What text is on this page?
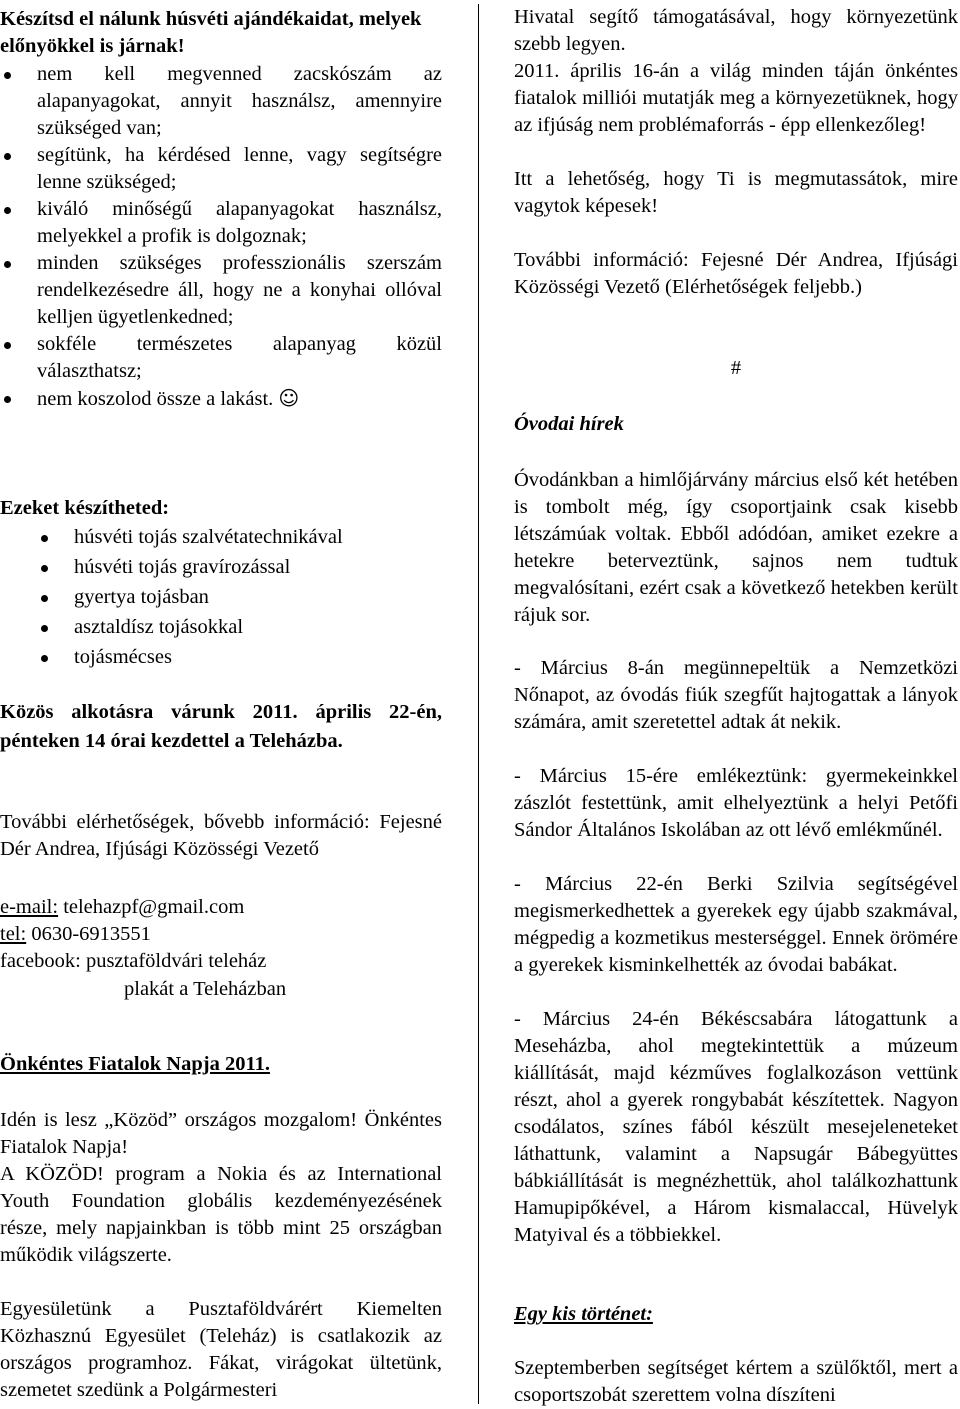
Készítsd el nálunk húsvéti ajándékaidat, melyek előnyökkel is járnak!

nem kell megvenned zacskószám az alapanyagokat, annyit használsz, amennyire szükséged van;
segítünk, ha kérdésed lenne, vagy segítségre lenne szükséged;
kiváló minőségű alapanyagokat használsz, melyekkel a profik is dolgoznak;
minden szükséges professzionális szerszám rendelkezésedre áll, hogy ne a konyhai ollóval kelljen ügyetlenkedned;
sokféle természetes alapanyag közül választhatsz;
nem koszolod össze a lakást. ☺

Ezeket készítheted:

húsvéti tojás szalvétatechnikával
húsvéti tojás gravírozással
gyertya tojásban
asztaldísz tojásokkal
tojásmécses

Közös alkotásra várunk 2011. április 22-én, pénteken 14 órai kezdettel a Teleházba.

További elérhetőségek, bővebb információ: Fejesné Dér Andrea, Ifjúsági Közösségi Vezető

e-mail: telehazpf@gmail.com

tel: 0630-6913551

facebook: pusztaföldvári teleház

plakát a Teleházban

Önkéntes Fiatalok Napja 2011.

Idén is lesz „Közöd” országos mozgalom! Önkéntes Fiatalok Napja!

A KÖZÖD! program a Nokia és az International Youth Foundation globális kezdeményezésének része, mely napjainkban is több mint 25 országban működik világszerte.

Egyesületünk a Pusztaföldvárért Kiemelten Közhasznú Egyesület (Teleház) is csatlakozik az országos programhoz. Fákat, virágokat ültetünk, szemetet szedünk a Polgármesteri

Hivatal segítő támogatásával, hogy környezetünk szebb legyen.

2011. április 16-án a világ minden táján önkéntes fiatalok milliói mutatják meg a környezetüknek, hogy az ifjúság nem problémaforrás - épp ellenkezőleg!

Itt a lehetőség, hogy Ti is megmutassátok, mire vagytok képesek!

További információ: Fejesné Dér Andrea, Ifjúsági Közösségi Vezető (Elérhetőségek feljebb.)

#

Óvodai hírek

Óvodánkban a himlőjárvány március első két hetében is tombolt még, így csoportjaink csak kisebb létszámúak voltak. Ebből adódóan, amiket ezekre a hetekre beterveztünk, sajnos nem tudtuk megvalósítani, ezért csak a következő hetekben került rájuk sor.

- Március 8-án megünnepeltük a Nemzetközi Nőnapot, az óvodás fiúk szegfűt hajtogattak a lányok számára, amit szeretettel adtak át nekik.

- Március 15-ére emlékeztünk: gyermekeinkkel zászlót festettünk, amit elhelyeztünk a helyi Petőfi Sándor Általános Iskolában az ott lévő emlékműnél.

- Március 22-én Berki Szilvia segítségével megismerkedhettek a gyerekek egy újabb szakmával, mégpedig a kozmetikus mesterséggel. Ennek örömére a gyerekek kisminkelhették az óvodai babákat.

- Március 24-én Békéscsabára látogattunk a Meseházba, ahol megtekintettük a múzeum kiállítását, majd kézműves foglalkozáson vettünk részt, ahol a gyerek rongybabát készítettek. Nagyon csodálatos, színes fából készült mesejeleneteket láthattunk, valamint a Napsugár Bábegyüttes bábkiállítását is megnézhettük, ahol találkozhattunk Hamupipőkével, a Három kismalaccal, Hüvelyk Matyival és a többiekkel.

Egy kis történet:

Szeptemberben segítséget kértem a szülőktől, mert a csoportszobát szerettem volna díszíteni
